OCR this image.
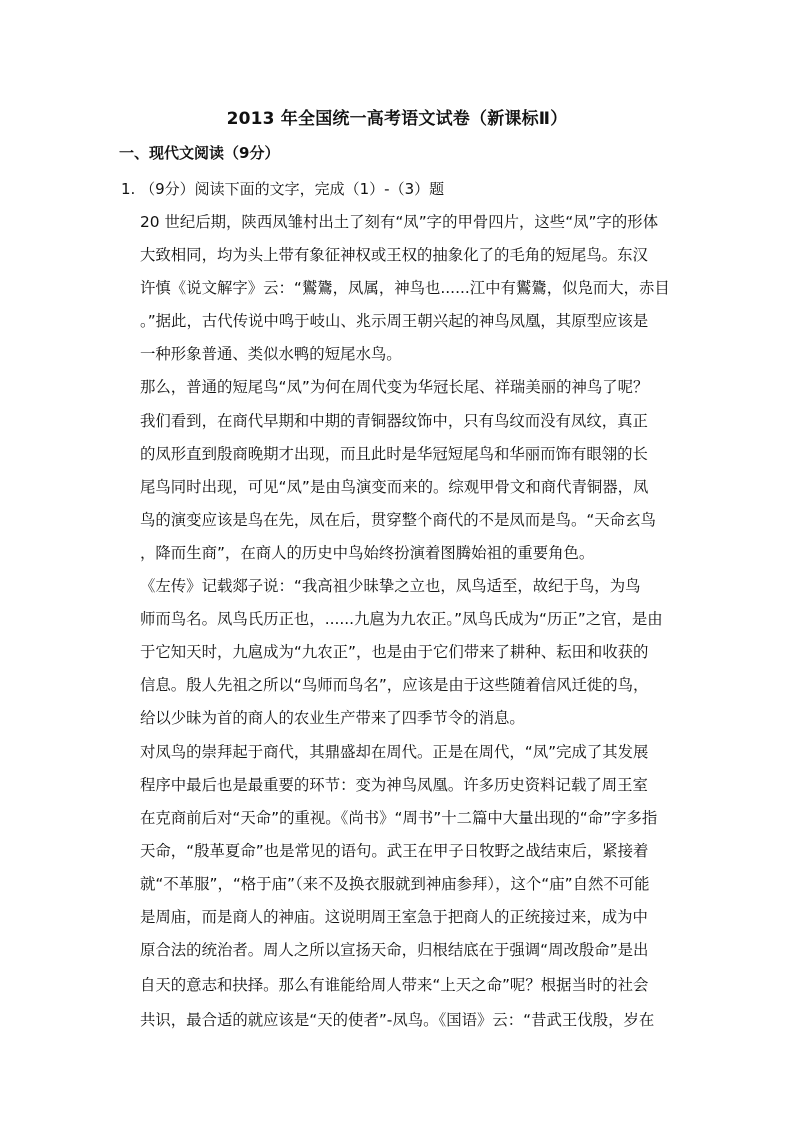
2013 年全国统一高考语文试卷（新课标Ⅱ）
一、现代文阅读（9分）
1. （9分）阅读下面的文字，完成（1）-（3）题
20 世纪后期，陕西凤雏村出土了刻有“凤”字的甲骨四片，这些“凤”字的形体
大致相同，均为头上带有象征神权或王权的抽象化了的毛角的短尾鸟。东汉
许慎《说文解字》云：“鸑鷟，凤属，神鸟也......江中有鸑鷟，似凫而大，赤目
。”据此，古代传说中鸣于岐山、兆示周王朝兴起的神鸟凤凰，其原型应该是
一种形象普通、类似水鸭的短尾水鸟。
那么，普通的短尾鸟“凤”为何在周代变为华冠长尾、祥瑞美丽的神鸟了呢？
我们看到，在商代早期和中期的青铜器纹饰中，只有鸟纹而没有凤纹，真正
的凤形直到殷商晚期才出现，而且此时是华冠短尾鸟和华丽而饰有眼翎的长
尾鸟同时出现，可见“凤”是由鸟演变而来的。综观甲骨文和商代青铜器，凤
鸟的演变应该是鸟在先，凤在后，贯穿整个商代的不是凤而是鸟。“天命玄鸟
，降而生商”，在商人的历史中鸟始终扮演着图腾始祖的重要角色。
《左传》记载郯子说：“我高祖少昧挚之立也，凤鸟适至，故纪于鸟，为鸟
师而鸟名。凤鸟氏历正也，......九扈为九农正。”凤鸟氏成为“历正”之官，是由
于它知天时，九扈成为“九农正”，也是由于它们带来了耕种、耘田和收获的
信息。殷人先祖之所以“鸟师而鸟名”，应该是由于这些随着信风迁徙的鸟，
给以少昧为首的商人的农业生产带来了四季节令的消息。
对凤鸟的崇拜起于商代，其鼎盛却在周代。正是在周代，“凤”完成了其发展
程序中最后也是最重要的环节：变为神鸟凤凰。许多历史资料记载了周王室
在克商前后对“天命”的重视。《尚书》“周书”十二篇中大量出现的“命”字多指
天命，“殷革夏命”也是常见的语句。武王在甲子日牧野之战结束后，紧接着
就“不革服”，“格于庙”（来不及换衣服就到神庙参拜），这个“庙”自然不可能
是周庙，而是商人的神庙。这说明周王室急于把商人的正统接过来，成为中
原合法的统治者。周人之所以宣扬天命，归根结底在于强调“周改殷命”是出
自天的意志和抉择。那么有谁能给周人带来“上天之命”呢？根据当时的社会
共识，最合适的就应该是“天的使者”-凤鸟。《国语》云：“昔武王伐殷，岁在
